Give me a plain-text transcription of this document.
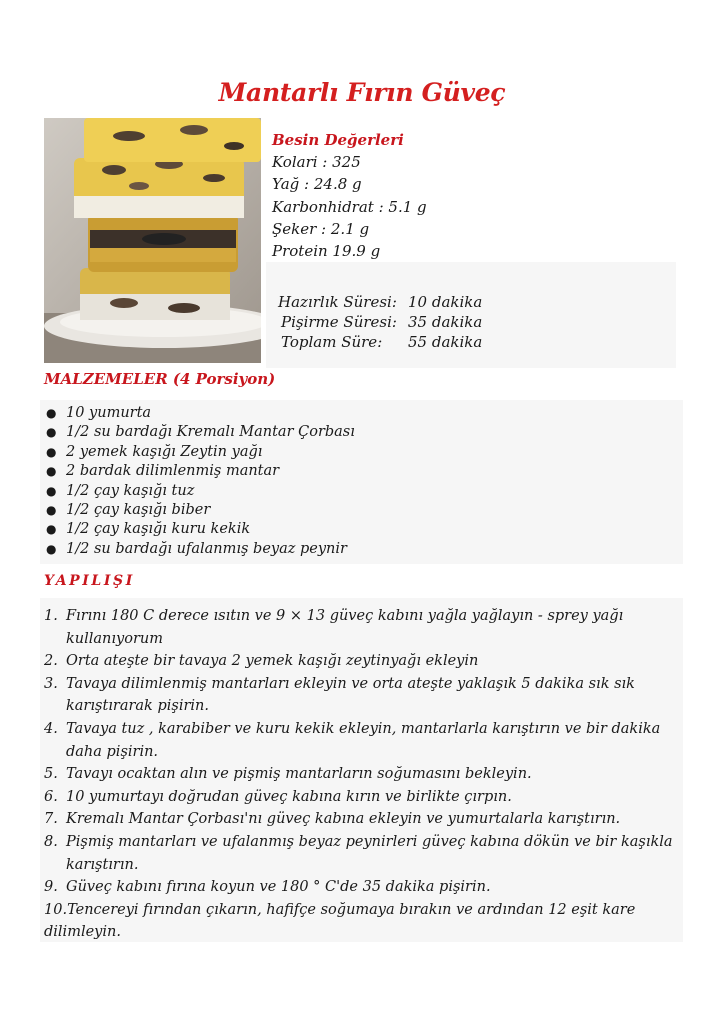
Mantarlı Fırın Güveç
Besin Değerleri
Kolari : 325
Yağ : 24.8 g
Karbonhidrat : 5.1 g
Şeker : 2.1 g
Protein 19.9 g
Hazırlık Süresi: 10 dakika
Pişirme Süresi: 35 dakika
Toplam Süre:	55 dakika
MALZEMELER (4 Porsiyon)
● 10 yumurta
● 1/2 su bardağı Kremalı Mantar Çorbası
● 2 yemek kaşığı Zeytin yağı
● 2 bardak dilimlenmiş mantar
● 1/2 çay kaşığı tuz
● 1/2 çay kaşığı biber
● 1/2 çay kaşığı kuru kekik
● 1/2 su bardağı ufalanmış beyaz peynir
YAPILIŞI
1. Fırını 180 C derece ısıtın ve 9 × 13 güveç kabını yağla yağlayın - sprey yağı kullanıyorum
2. Orta ateşte bir tavaya 2 yemek kaşığı zeytinyağı ekleyin
3. Tavaya dilimlenmiş mantarları ekleyin ve orta ateşte yaklaşık 5 dakika sık sık karıştırarak pişirin.
4. Tavaya tuz , karabiber ve kuru kekik ekleyin, mantarlarla karıştırın ve bir dakika daha pişirin.
5. Tavayı ocaktan alın ve pişmiş mantarların soğumasını bekleyin.
6. 10 yumurtayı doğrudan güveç kabına kırın ve birlikte çırpın.
7. Kremalı Mantar Çorbası'nı güveç kabına ekleyin ve yumurtalarla karıştırın.
8. Pişmiş mantarları ve ufalanmış beyaz peynirleri güveç kabına dökün ve bir kaşıkla karıştırın.
9. Güveç kabını fırına koyun ve 180 ° C'de 35 dakika pişirin.
10.Tencereyi fırından çıkarın, hafifçe soğumaya bırakın ve ardından 12 eşit kare dilimleyin.
